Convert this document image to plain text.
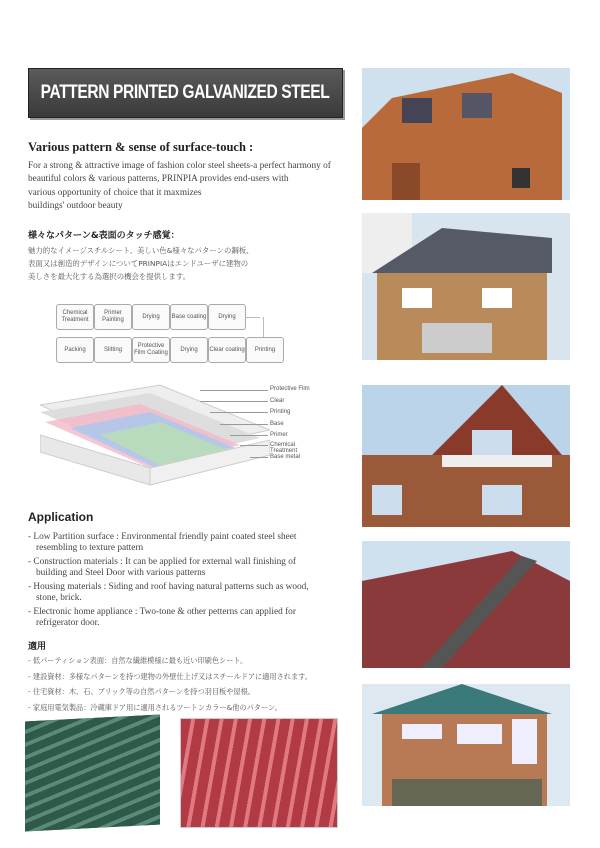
PATTERN PRINTED GALVANIZED STEEL
Various pattern & sense of surface-touch :
For a strong & attractive image of fashion color steel sheets-a perfect harmony of
beautiful colors & various patterns, PRINPIA provides end-users with
various opportunity of choice that it maxmizes
buildings' outdoor beauty
様々なパターン&表面のタッチ感覚：
魅力的なイメージスチルシート、美しい色&様々なパターンの鋼板、
表面又は創造的デザインについてPRINPIAはエンドユーザに建物の
美しさを最大化する為選択の機会を提供します。
Chemical Treatment
Primer Painting
Drying	Base coating	Drying
Packing	Slitting
Protective Film Coating
Drying	Clear coating	Printing
Protective Film
Clear
Printing
Base
Primer
Chemical Treatment
Base metal
Application
- Low Partition surface : Environmental friendly paint coated steel sheet resembling to texture pattern
- Construction materials : It can be applied for external wall finishing of building and Steel Door with various patterns
- Housing materials : Siding and roof having natural patterns such as wood, stone, brick.
- Electronic home appliance : Two-tone & other petterns can applied for refrigerator door.
適用
- 低パーティション表面：自然な繊維模様に最も近い印刷色シート。
- 建設資材：多様なパターンを持つ建物の外壁仕上げ又はスチールドアに適用されます。
- 住宅資材：木、石、ブリック等の自然パターンを持つ羽目板や屋根。
- 家庭用電気製品：冷蔵庫ドア用に適用されるツートンカラー&他のパターン。
